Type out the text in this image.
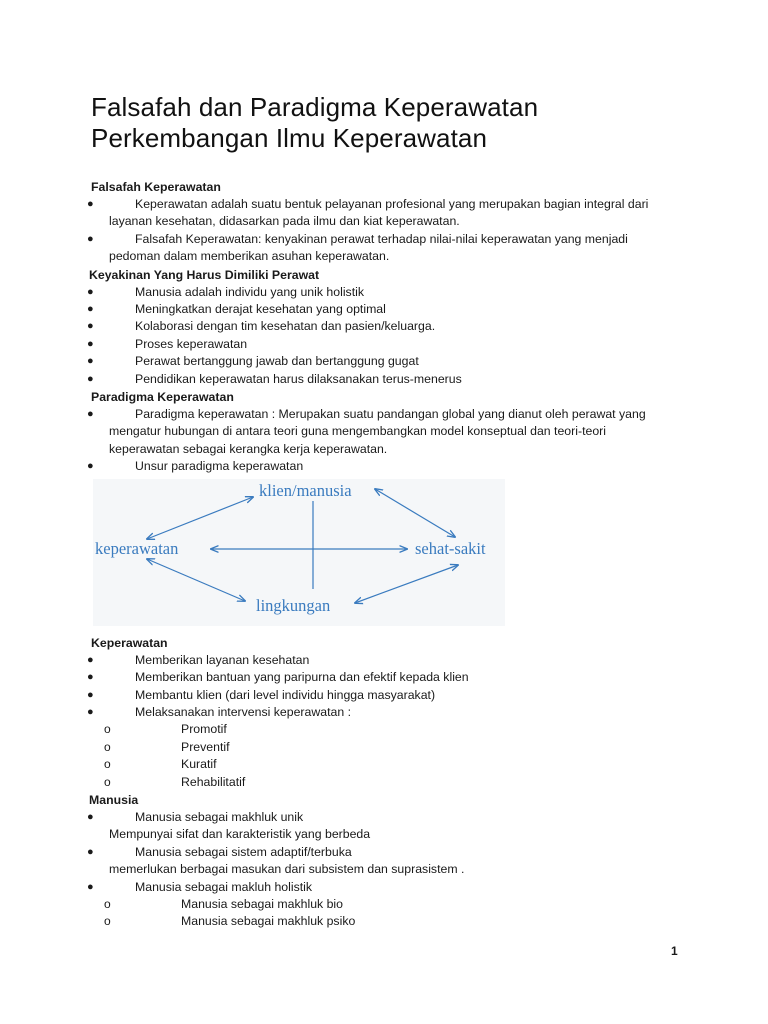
Falsafah dan Paradigma Keperawatan
Perkembangan Ilmu Keperawatan
Falsafah Keperawatan
●	Keperawatan adalah suatu bentuk pelayanan profesional yang merupakan bagian integral dari
layanan kesehatan, didasarkan pada ilmu dan kiat keperawatan.
●	Falsafah Keperawatan: kenyakinan perawat terhadap nilai-nilai keperawatan yang menjadi
pedoman dalam memberikan asuhan keperawatan.
Keyakinan Yang Harus Dimiliki Perawat
●	Manusia adalah individu yang unik holistik
●	Meningkatkan derajat kesehatan yang optimal
●	Kolaborasi dengan tim kesehatan dan pasien/keluarga.
●	Proses keperawatan
●	Perawat bertanggung jawab dan bertanggung gugat
●	Pendidikan keperawatan harus dilaksanakan terus-menerus
Paradigma Keperawatan
●	Paradigma keperawatan : Merupakan suatu pandangan global yang dianut oleh perawat yang
mengatur hubungan di antara teori guna mengembangkan model konseptual dan teori-teori
keperawatan sebagai kerangka kerja keperawatan.
●	Unsur paradigma keperawatan
klien/manusia
keperawatan	sehat-sakit
lingkungan
Keperawatan
●	Memberikan layanan kesehatan
●	Memberikan bantuan yang paripurna dan efektif kepada klien
●	Membantu klien (dari level individu hingga masyarakat)
●	Melaksanakan intervensi keperawatan :
o	Promotif
o	Preventif
o	Kuratif
o	Rehabilitatif
Manusia
●	Manusia sebagai makhluk unik
Mempunyai sifat dan karakteristik yang berbeda
●	Manusia sebagai sistem adaptif/terbuka
memerlukan berbagai masukan dari subsistem dan suprasistem .
●	Manusia sebagai makluh holistik
o	Manusia sebagai makhluk bio
o	Manusia sebagai makhluk psiko
1
